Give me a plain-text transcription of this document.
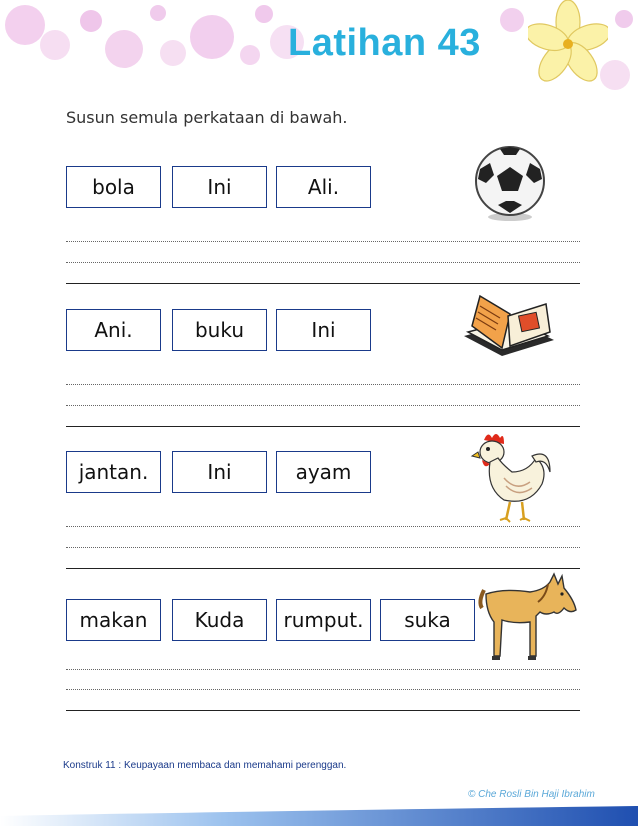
Latihan 43
Susun semula perkataan di bawah.
bola	Ini	Ali.
Ani.	buku	Ini
jantan.	Ini	ayam
makan	Kuda	rumput.	suka
Konstruk 11 : Keupayaan membaca dan memahami perenggan.
© Che Rosli Bin Haji Ibrahim
